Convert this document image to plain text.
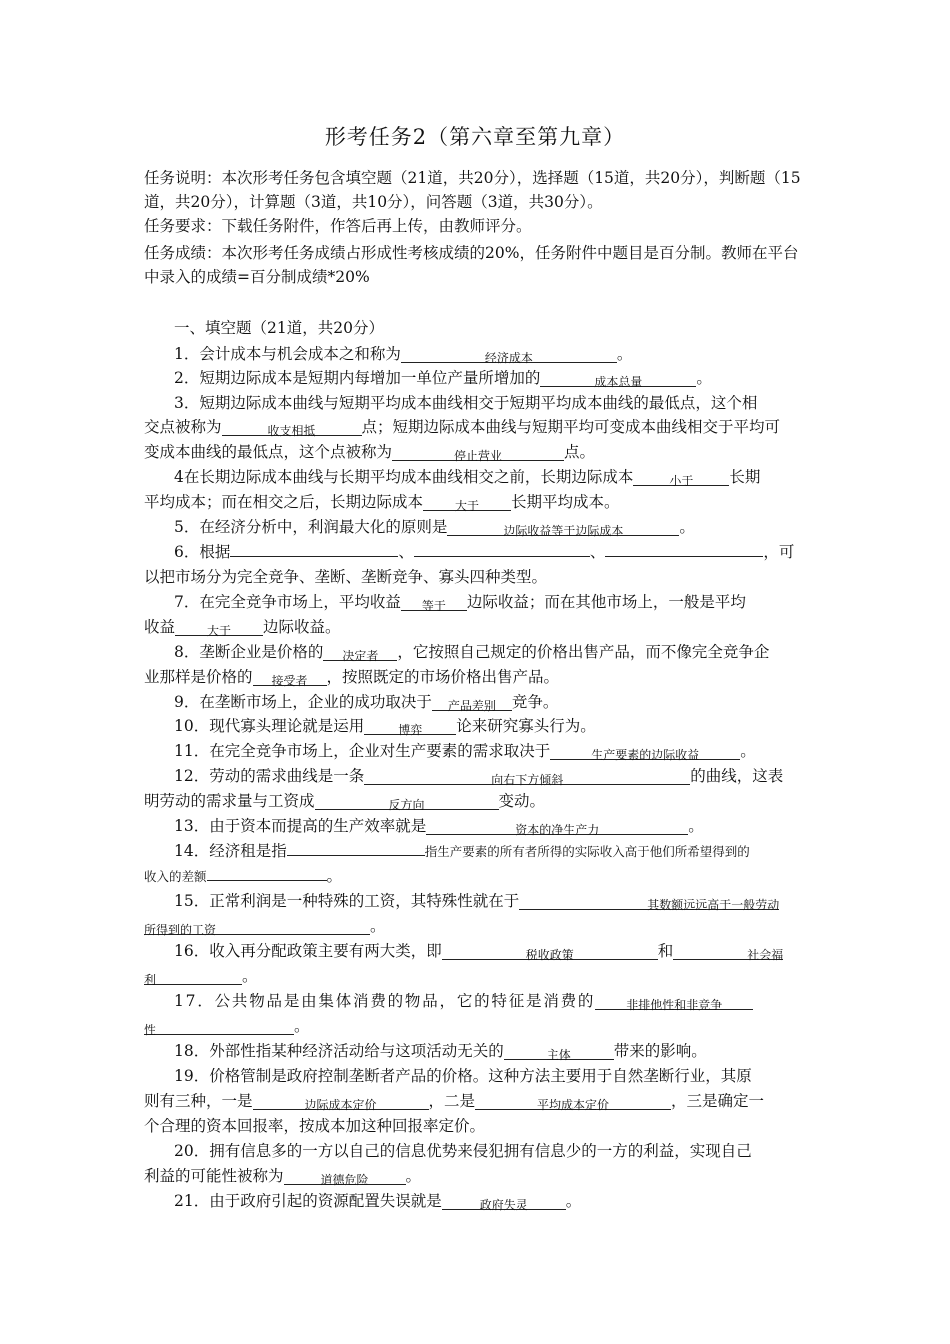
形考任务2（第六章至第九章）
任务说明：本次形考任务包含填空题（21道，共20分），选择题（15道，共20分），判断题（15道，共20分），计算题（3道，共10分），问答题（3道，共30分）。
任务要求：下载任务附件，作答后再上传，由教师评分。
任务成绩：本次形考任务成绩占形成性考核成绩的20%，任务附件中题目是百分制。教师在平台中录入的成绩=百分制成绩*20%
一、填空题（21道，共20分）
1．会计成本与机会成本之和称为	经济成本	。
2．短期边际成本是短期内每增加一单位产量所增加的	成本总量	。
3．短期边际成本曲线与短期平均成本曲线相交于短期平均成本曲线的最低点，这个相
交点被称为	收支相抵	点；短期边际成本曲线与短期平均可变成本曲线相交于平均可
变成本曲线的最低点，这个点被称为	停止营业	点。
4在长期边际成本曲线与长期平均成本曲线相交之前，长期边际成本	小于 长期
平均成本；而在相交之后，长期边际成本	大于 长期平均成本。
5．在经济分析中，利润最大化的原则是	边际收益等于边际成本	。
6．根据	、	、	，可
以把市场分为完全竞争、垄断、垄断竞争、寡头四种类型。
7．在完全竞争市场上，平均收益 等于 边际收益；而在其他市场上，一般是平均
收益	大于 边际收益。
8．垄断企业是价格的 决定者 ，它按照自己规定的价格出售产品，而不像完全竞争企
业那样是价格的 接受者 ，按照既定的市场价格出售产品。
9．在垄断市场上，企业的成功取决于 产品差别 竞争。
10．现代寡头理论就是运用	博弈 论来研究寡头行为。
11．在完全竞争市场上，企业对生产要素的需求取决于	生产要素的边际收益	。
12．劳动的需求曲线是一条	向右下方倾斜	的曲线，这表
明劳动的需求量与工资成	反方向	变动。
13．由于资本而提高的生产效率就是	资本的净生产力	。
14．经济租是指	指生产要素的所有者所得的实际收入高于他们所希望得到的
收入的差额	。
15．正常利润是一种特殊的工资，其特殊性就在于	其数额远远高于一般劳动
所得到的工资	。
16．收入再分配政策主要有两大类，即	税收政策	和	社会福
利	。
17．公共物品是由集体消费的物品，它的特征是消费的	非排他性和非竞争
性	。
18．外部性指某种经济活动给与这项活动无关的	主体	带来的影响。
19．价格管制是政府控制垄断者产品的价格。这种方法主要用于自然垄断行业，其原
则有三种，一是	边际成本定价	，二是	平均成本定价	，三是确定一
个合理的资本回报率，按成本加这种回报率定价。
20．拥有信息多的一方以自己的信息优势来侵犯拥有信息少的一方的利益，实现自己
利益的可能性被称为	道德危险 。
21．由于政府引起的资源配置失误就是	政府失灵 。
